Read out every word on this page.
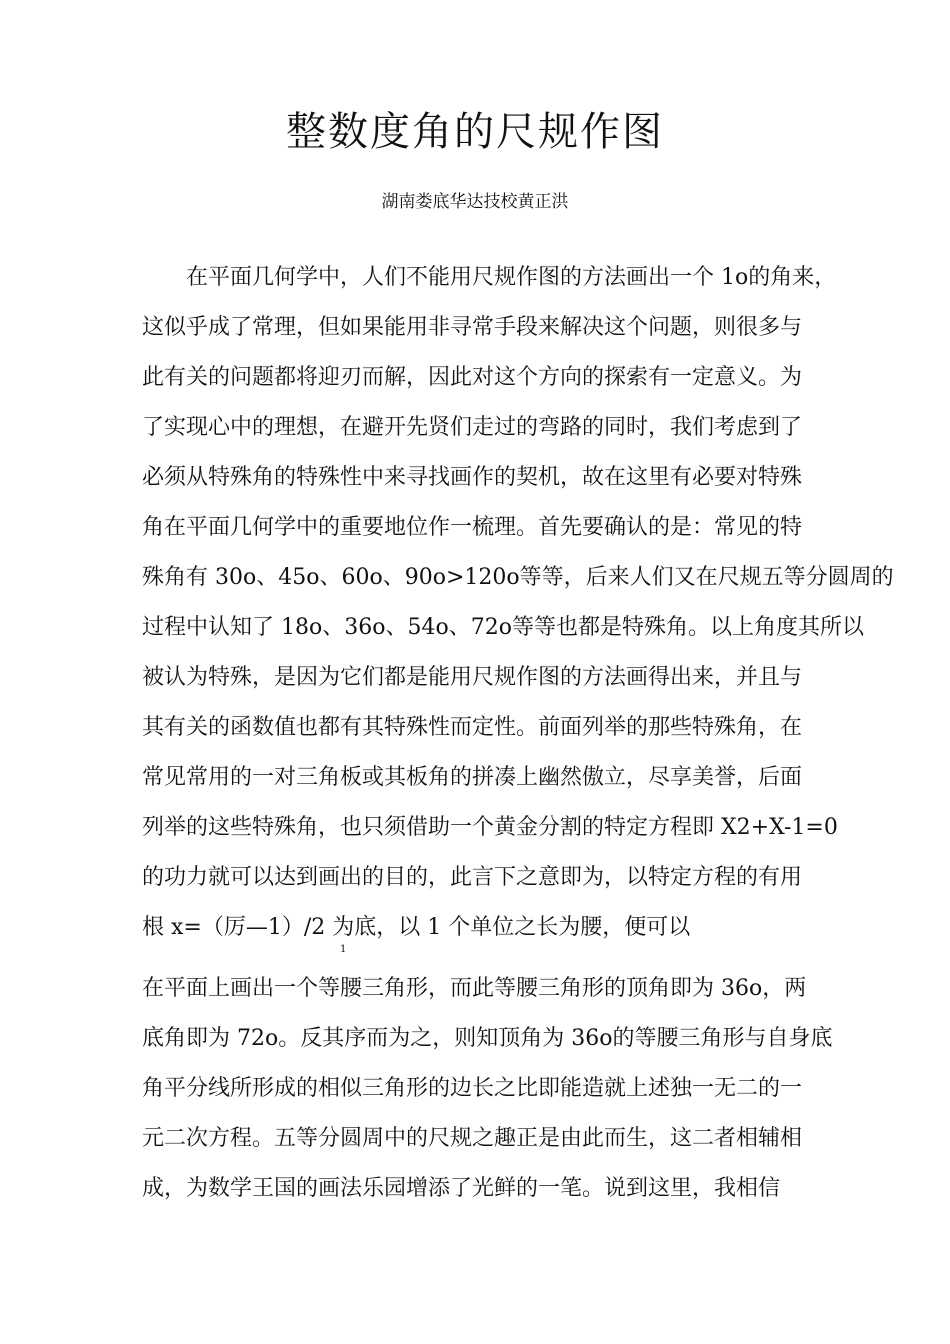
整数度角的尺规作图
湖南娄底华达技校黄正洪
在平面几何学中，人们不能用尺规作图的方法画出一个 1o的角来，
这似乎成了常理，但如果能用非寻常手段来解决这个问题，则很多与
此有关的问题都将迎刃而解，因此对这个方向的探索有一定意义。为
了实现心中的理想，在避开先贤们走过的弯路的同时，我们考虑到了
必须从特殊角的特殊性中来寻找画作的契机，故在这里有必要对特殊
角在平面几何学中的重要地位作一梳理。首先要确认的是：常见的特
殊角有 30o、45o、60o、90o>120o等等，后来人们又在尺规五等分圆周的
过程中认知了 18o、36o、54o、72o等等也都是特殊角。以上角度其所以
被认为特殊，是因为它们都是能用尺规作图的方法画得出来，并且与
其有关的函数值也都有其特殊性而定性。前面列举的那些特殊角，在
常见常用的一对三角板或其板角的拼凑上幽然傲立，尽享美誉，后面
列举的这些特殊角，也只须借助一个黄金分割的特定方程即 X2+X-1=0
的功力就可以达到画出的目的，此言下之意即为，以特定方程的有用
根 x=（厉—1）/2 为底，以 1 个单位之长为腰，便可以
1
在平面上画出一个等腰三角形，而此等腰三角形的顶角即为 36o，两
底角即为 72o。反其序而为之，则知顶角为 36o的等腰三角形与自身底
角平分线所形成的相似三角形的边长之比即能造就上述独一无二的一
元二次方程。五等分圆周中的尺规之趣正是由此而生，这二者相辅相
成，为数学王国的画法乐园增添了光鲜的一笔。说到这里，我相信
